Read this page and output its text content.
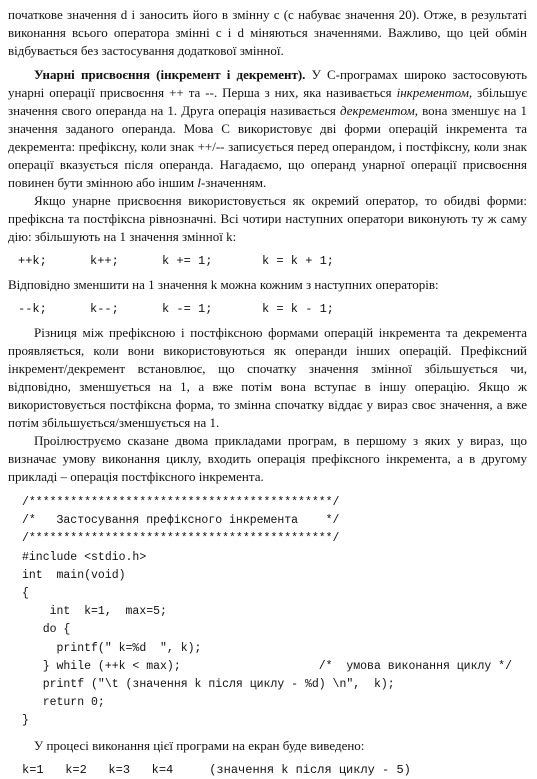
початкове значення d і заносить його в змінну c (c набуває значення 20). Отже, в результаті виконання всього оператора змінні c і d міняються значеннями. Важливо, що цей обмін відбувається без застосування додаткової змінної.

Унарні присвоєння (інкремент і декремент). У С-програмах широко застосовують унарні операції присвоєння ++ та --. Перша з них, яка називається інкрементом, збільшує значення свого операнда на 1. Друга операція називається декрементом, вона зменшує на 1 значення заданого операнда. Мова С використовує дві форми операцій інкремента та декремента: префіксну, коли знак ++/-- записується перед операндом, і постфіксну, коли знак операції вказується після операнда. Нагадаємо, що операнд унарної операції присвоєння повинен бути змінною або іншим l-значенням.

Якщо унарне присвоєння використовується як окремий оператор, то обидві форми: префіксна та постфіксна рівнозначні. Всі чотири наступних оператори виконують ту ж саму дію: збільшують на 1 значення змінної k:

++k;	k++;	k += 1;	k = k + 1;

Відповідно зменшити на 1 значення k можна кожним з наступних операторів:

--k;	k--;	k -= 1;	k = k - 1;

Різниця між префіксною і постфіксною формами операцій інкремента та декремента проявляється, коли вони використовуються як операнди інших операцій. Префіксний інкремент/декремент встановлює, що спочатку значення змінної збільшується чи, відповідно, зменшується на 1, а вже потім вона вступає в іншу операцію. Якщо ж використовується постфіксна форма, то змінна спочатку віддає у вираз своє значення, а вже потім збільшується/зменшується на 1.

Проілюструємо сказане двома прикладами програм, в першому з яких у вираз, що визначає умову виконання циклу, входить операція префіксного інкремента, а в другому прикладі – операція постфіксного інкремента.

/********************************************/
/*   Застосування префіксного інкремента    */
/********************************************/
#include <stdio.h>
int  main(void)
{
int  k=1,  max=5;
do {
printf(" k=%d  ", k);
} while (++k < max);                    /*  умова виконання циклу */
printf ("\t (значення k після циклу - %d) \n",  k);
return 0;
}

У процесі виконання цієї програми на екран буде виведено:

k=1   k=2   k=3   k=4     (значення k після циклу - 5)
